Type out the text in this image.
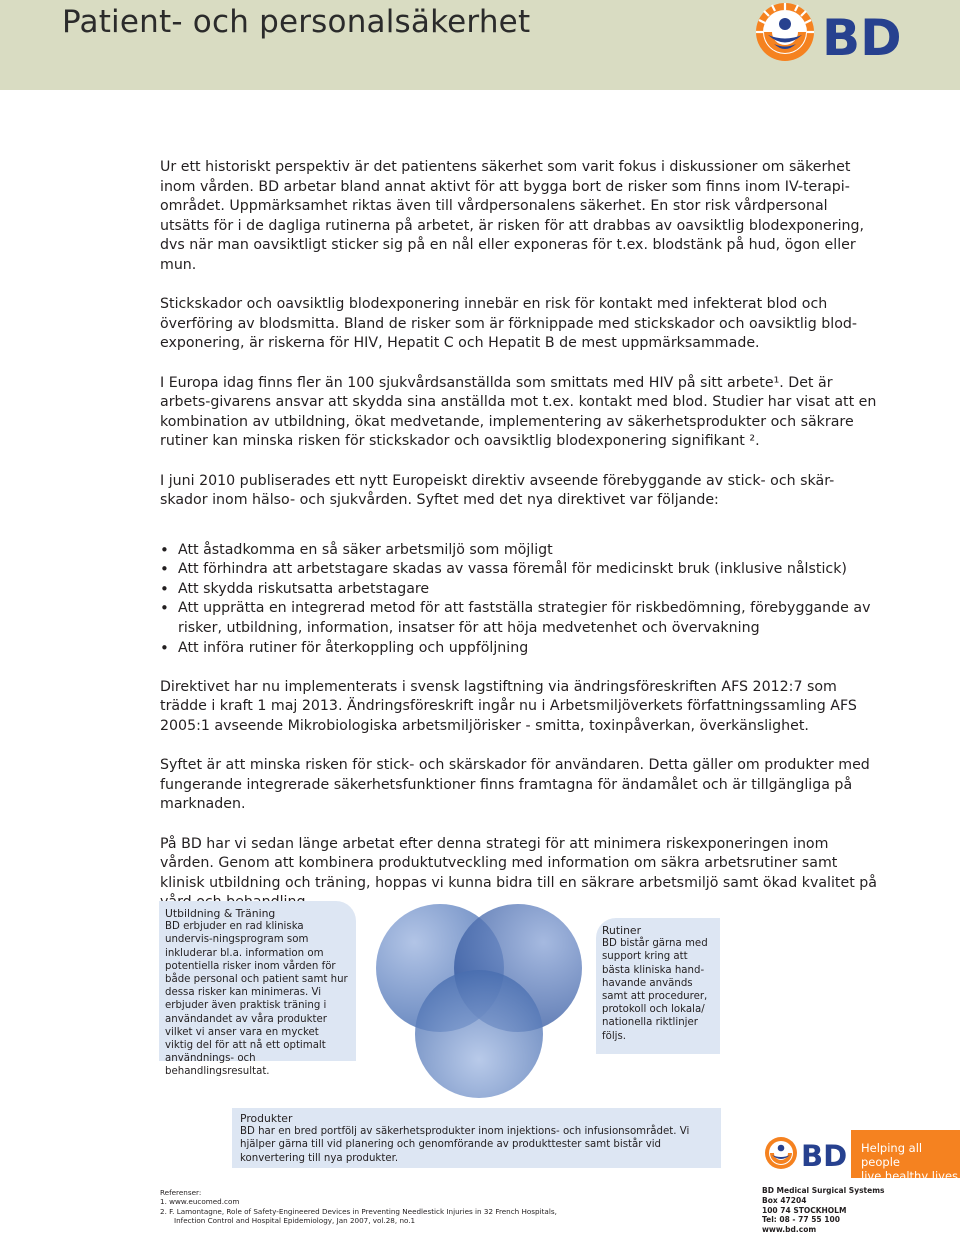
Patient- och personalsäkerhet	BD

Ur ett historiskt perspektiv är det patientens säkerhet som varit fokus i diskussioner om säkerhet inom vården. BD arbetar bland annat aktivt för att bygga bort de risker som finns inom IV-terapi-området. Uppmärksamhet riktas även till vårdpersonalens säkerhet. En stor risk vårdpersonal utsätts för i de dagliga rutinerna på arbetet, är risken för att drabbas av oavsiktlig blodexponering, dvs när man oavsiktligt sticker sig på en nål eller exponeras för t.ex. blodstänk på hud, ögon eller mun.

Stickskador och oavsiktlig blodexponering innebär en risk för kontakt med infekterat blod och överföring av blodsmitta. Bland de risker som är förknippade med stickskador och oavsiktlig blod-exponering, är riskerna för HIV, Hepatit C och Hepatit B de mest uppmärksammade.

I Europa idag finns fler än 100 sjukvårdsanställda som smittats med HIV på sitt arbete¹. Det är arbets-givarens ansvar att skydda sina anställda mot t.ex. kontakt med blod. Studier har visat att en kombination av utbildning, ökat medvetande, implementering av säkerhetsprodukter och säkrare rutiner kan minska risken för stickskador och oavsiktlig blodexponering signifikant ².

I juni 2010 publiserades ett nytt Europeiskt direktiv avseende förebyggande av stick- och skär-skador inom hälso- och sjukvården. Syftet med det nya direktivet var följande:

• Att åstadkomma en så säker arbetsmiljö som möjligt
• Att förhindra att arbetstagare skadas av vassa föremål för medicinskt bruk (inklusive nålstick)
• Att skydda riskutsatta arbetstagare
• Att upprätta en integrerad metod för att fastställa strategier för riskbedömning, förebyggande av risker, utbildning, information, insatser för att höja medvetenhet och övervakning
• Att införa rutiner för återkoppling och uppföljning

Direktivet har nu implementerats i svensk lagstiftning via ändringsföreskriften AFS 2012:7 som trädde i kraft 1 maj 2013. Ändringsföreskrift ingår nu i Arbetsmiljöverkets författningssamling AFS 2005:1 avseende Mikrobiologiska arbetsmiljörisker - smitta, toxinpåverkan, överkänslighet.

Syftet är att minska risken för stick- och skärskador för användaren. Detta gäller om produkter med fungerande integrerade säkerhetsfunktioner finns framtagna för ändamålet och är tillgängliga på marknaden.

På BD har vi sedan länge arbetat efter denna strategi för att minimera riskexponeringen inom vården. Genom att kombinera produktutveckling med information om säkra arbetsrutiner samt klinisk utbildning och träning, hoppas vi kunna bidra till en säkrare arbetsmiljö samt ökad kvalitet på

Utbildning & Träning
BD erbjuder en rad kliniska undervis-ningsprogram som inkluderar bl.a. information om potentiella risker inom vården för både personal och patient samt hur dessa risker kan minimeras. Vi erbjuder även praktisk träning i användandet av våra produkter vilket vi anser vara en mycket viktig del för att nå ett optimalt användnings- och behandlingsresultat.
Rutiner
BD bistår gärna med support kring att bästa kliniska hand-havande används samt att procedurer, protokoll och lokala/ nationella riktlinjer följs.
Produkter
BD har en bred portfölj av säkerhetsprodukter inom injektions- och infusionsområdet. Vi hjälper gärna till vid planering och genomförande av produkttester samt bistår vid konvertering till nya produkter.	BD	Helping all people
live healthy lives
Referenser:
1. www.eucomed.com
2. F. Lamontagne, Role of Safety-Engineered Devices in Preventing Needlestick Injuries in 32 French Hospitals,
Infection Control and Hospital Epidemiology, Jan 2007, vol.28, no.1
BD Medical Surgical Systems
Box 47204
100 74 STOCKHOLM
Tel: 08 - 77 55 100
www.bd.com
